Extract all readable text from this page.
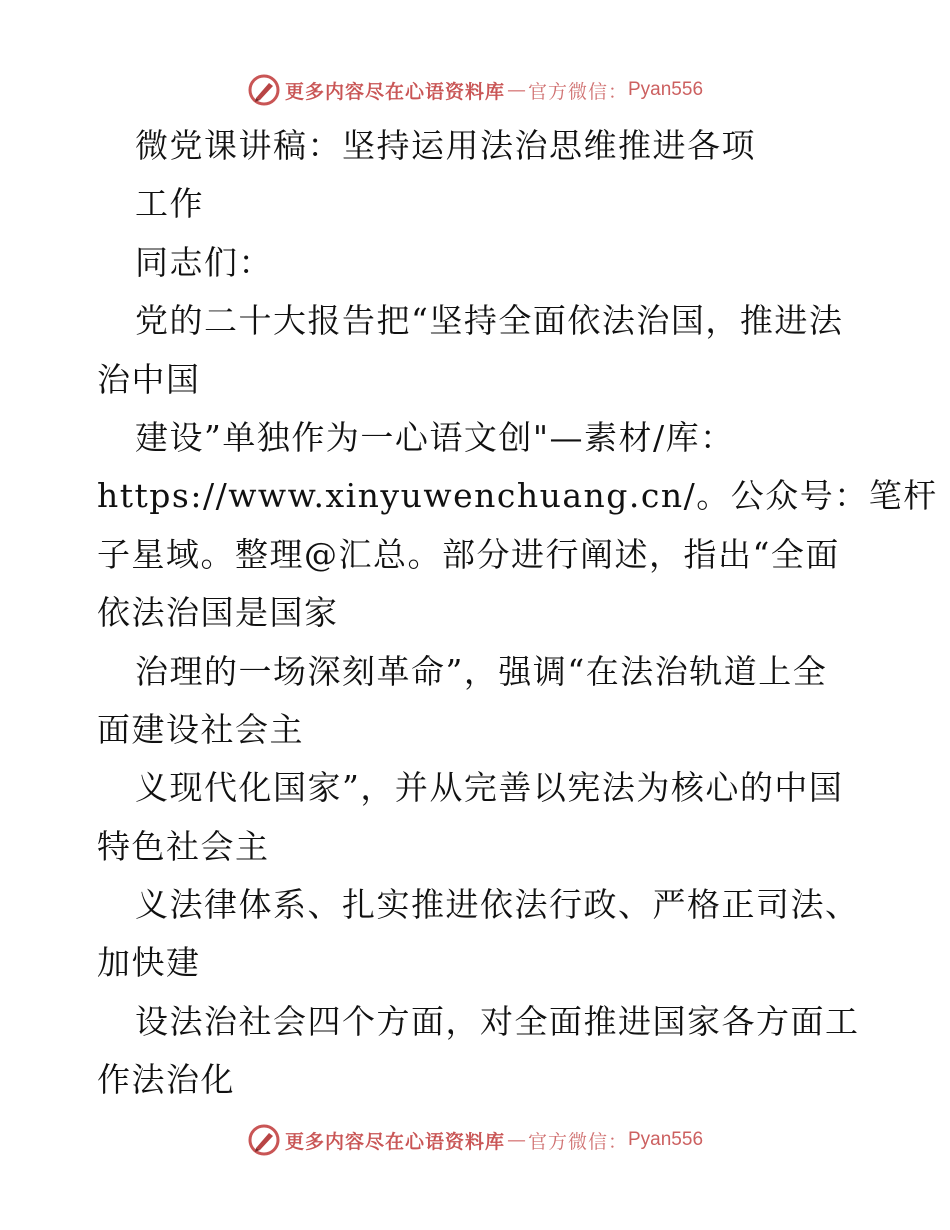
更多内容尽在心语资料库 — 官方微信： Pyan556
微党课讲稿：坚持运用法治思维推进各项
工作
同志们：
党的二十大报告把“坚持全面依法治国，推进法
治中国
建设”单独作为一心语文创"—素材/库：
https://www.xinyuwenchuang.cn/。公众号：笔杆
子星域。整理@汇总。部分进行阐述，指出“全面
依法治国是国家
治理的一场深刻革命”，强调“在法治轨道上全
面建设社会主
义现代化国家”，并从完善以宪法为核心的中国
特色社会主
义法律体系、扎实推进依法行政、严格正司法、
加快建
设法治社会四个方面，对全面推进国家各方面工
作法治化
更多内容尽在心语资料库 — 官方微信： Pyan556
